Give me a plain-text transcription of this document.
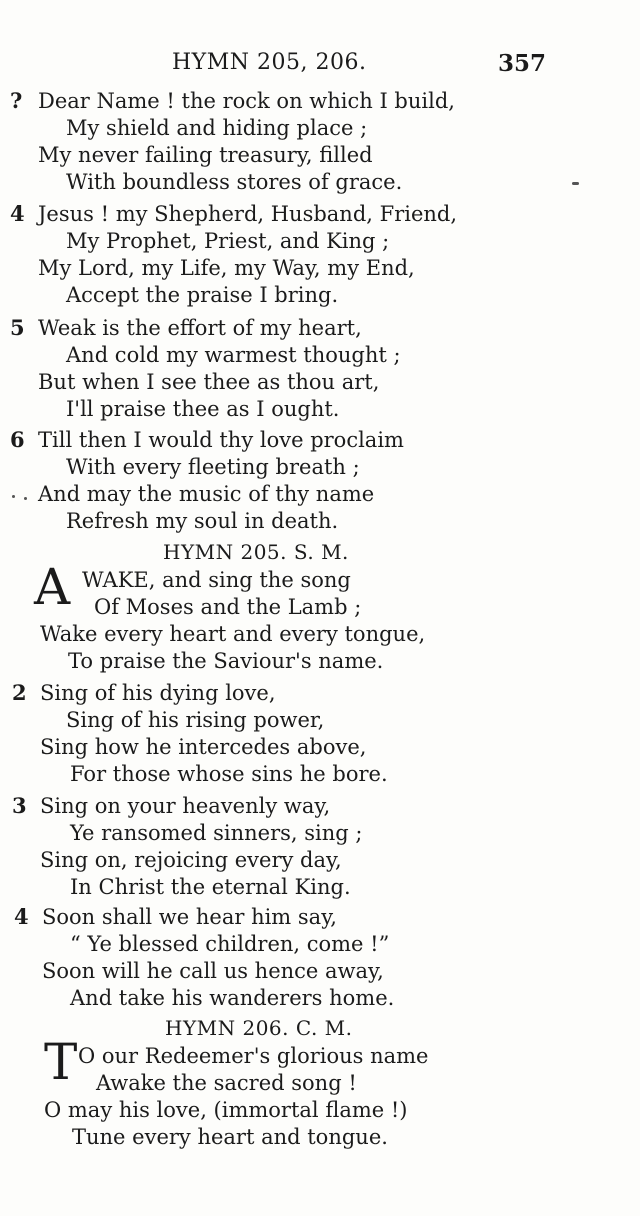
HYMN 205, 206.	357
? Dear Name ! the rock on which I build,
My shield and hiding place ;
My never failing treasury, filled
With boundless stores of grace.
4 Jesus ! my Shepherd, Husband, Friend,
My Prophet, Priest, and King ;
My Lord, my Life, my Way, my End,
Accept the praise I bring.
5 Weak is the effort of my heart,
And cold my warmest thought ;
But when I see thee as thou art,
I'll praise thee as I ought.
6 Till then I would thy love proclaim
With every fleeting breath ;
And may the music of thy name
Refresh my soul in death.
HYMN 205. S. M.
A WAKE, and sing the song
Of Moses and the Lamb ;
Wake every heart and every tongue,
To praise the Saviour's name.
2 Sing of his dying love,
Sing of his rising power,
Sing how he intercedes above,
For those whose sins he bore.
3 Sing on your heavenly way,
Ye ransomed sinners, sing ;
Sing on, rejoicing every day,
In Christ the eternal King.
4 Soon shall we hear him say,
“ Ye blessed children, come !”
Soon will he call us hence away,
And take his wanderers home.
HYMN 206. C. M.
T O our Redeemer's glorious name
Awake the sacred song !
O may his love, (immortal flame !)
Tune every heart and tongue.
